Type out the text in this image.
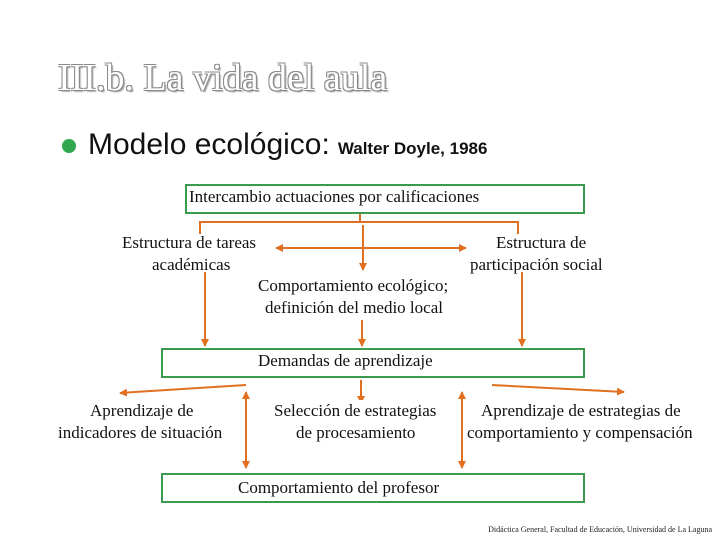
III.b. La vida del aula
Modelo ecológico: Walter Doyle, 1986
Intercambio actuaciones por calificaciones
Estructura de tareas
académicas
Estructura de
participación social
Comportamiento ecológico;
definición del medio local
Demandas de aprendizaje
Aprendizaje de
indicadores de situación
Selección de estrategias
de procesamiento
Aprendizaje de estrategias de
comportamiento y compensación
Comportamiento del profesor
Didáctica General, Facultad de Educación, Universidad de La Laguna
